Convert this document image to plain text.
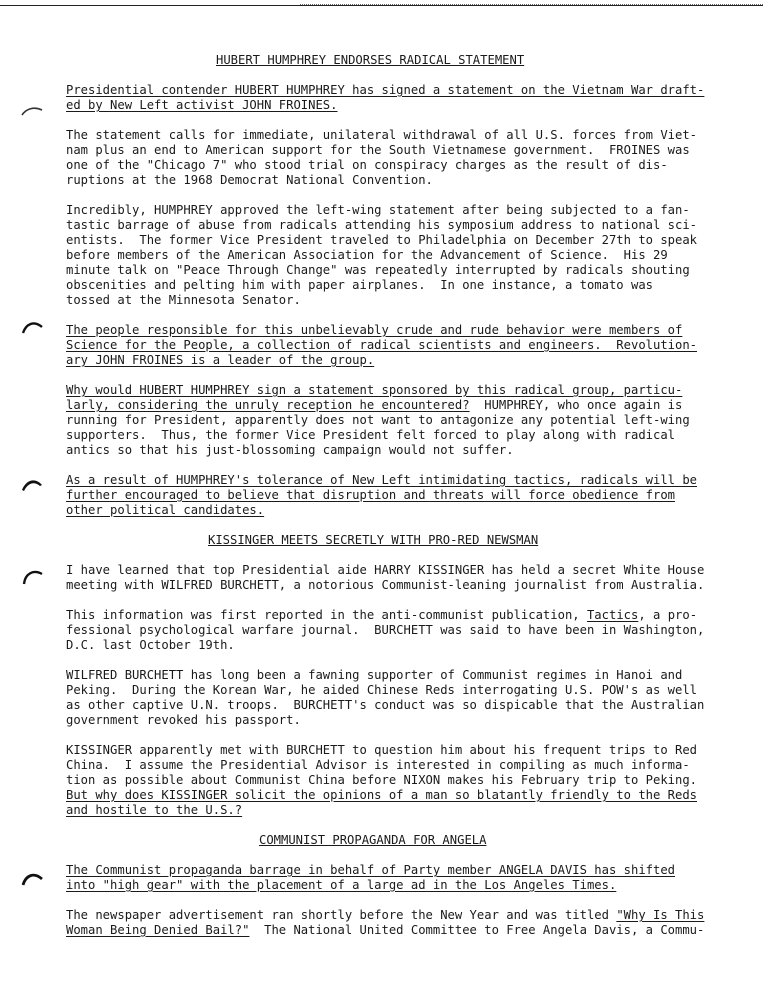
HUBERT HUMPHREY ENDORSES RADICAL STATEMENT
Presidential contender HUBERT HUMPHREY has signed a statement on the Vietnam War draft-
ed by New Left activist JOHN FROINES.
The statement calls for immediate, unilateral withdrawal of all U.S. forces from Viet-
nam plus an end to American support for the South Vietnamese government.  FROINES was
one of the "Chicago 7" who stood trial on conspiracy charges as the result of dis-
ruptions at the 1968 Democrat National Convention.
Incredibly, HUMPHREY approved the left-wing statement after being subjected to a fan-
tastic barrage of abuse from radicals attending his symposium address to national sci-
entists.  The former Vice President traveled to Philadelphia on December 27th to speak
before members of the American Association for the Advancement of Science.  His 29
minute talk on "Peace Through Change" was repeatedly interrupted by radicals shouting
obscenities and pelting him with paper airplanes.  In one instance, a tomato was
tossed at the Minnesota Senator.
The people responsible for this unbelievably crude and rude behavior were members of
Science for the People, a collection of radical scientists and engineers.  Revolution-
ary JOHN FROINES is a leader of the group.
Why would HUBERT HUMPHREY sign a statement sponsored by this radical group, particu-
larly, considering the unruly reception he encountered?  HUMPHREY, who once again is
running for President, apparently does not want to antagonize any potential left-wing
supporters.  Thus, the former Vice President felt forced to play along with radical
antics so that his just-blossoming campaign would not suffer.
As a result of HUMPHREY's tolerance of New Left intimidating tactics, radicals will be
further encouraged to believe that disruption and threats will force obedience from
other political candidates.
KISSINGER MEETS SECRETLY WITH PRO-RED NEWSMAN
I have learned that top Presidential aide HARRY KISSINGER has held a secret White House
meeting with WILFRED BURCHETT, a notorious Communist-leaning journalist from Australia.
This information was first reported in the anti-communist publication, Tactics, a pro-
fessional psychological warfare journal.  BURCHETT was said to have been in Washington,
D.C. last October 19th.
WILFRED BURCHETT has long been a fawning supporter of Communist regimes in Hanoi and
Peking.  During the Korean War, he aided Chinese Reds interrogating U.S. POW's as well
as other captive U.N. troops.  BURCHETT's conduct was so dispicable that the Australian
government revoked his passport.
KISSINGER apparently met with BURCHETT to question him about his frequent trips to Red
China.  I assume the Presidential Advisor is interested in compiling as much informa-
tion as possible about Communist China before NIXON makes his February trip to Peking.
But why does KISSINGER solicit the opinions of a man so blatantly friendly to the Reds
and hostile to the U.S.?
COMMUNIST PROPAGANDA FOR ANGELA
The Communist propaganda barrage in behalf of Party member ANGELA DAVIS has shifted
into "high gear" with the placement of a large ad in the Los Angeles Times.
The newspaper advertisement ran shortly before the New Year and was titled "Why Is This
Woman Being Denied Bail?"  The National United Committee to Free Angela Davis, a Commu-
